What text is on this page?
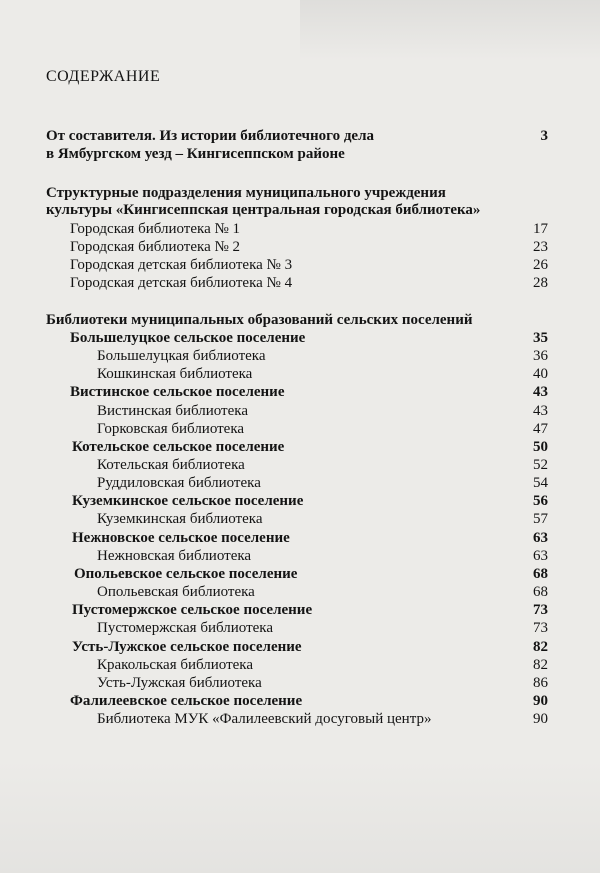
СОДЕРЖАНИЕ
От составителя. Из истории библиотечного дела	3
в Ямбургском уезд – Кингисеппском районе
Структурные подразделения муниципального учреждения
культуры «Кингисеппская центральная городская библиотека»
Городская библиотека № 1	17
Городская библиотека № 2	23
Городская детская библиотека № 3	26
Городская детская библиотека № 4	28
Библиотеки муниципальных образований сельских поселений
Большелуцкое сельское поселение	35
Большелуцкая библиотека	36
Кошкинская библиотека	40
Вистинское сельское поселение	43
Вистинская библиотека	43
Горковская библиотека	47
Котельское сельское поселение	50
Котельская библиотека	52
Руддиловская библиотека	54
Куземкинское сельское поселение	56
Куземкинская библиотека	57
Нежновское сельское поселение	63
Нежновская библиотека	63
Опольевское сельское поселение	68
Опольевская библиотека	68
Пустомержское сельское поселение	73
Пустомержская библиотека	73
Усть-Лужское сельское поселение	82
Кракольская библиотека	82
Усть-Лужская библиотека	86
Фалилеевское сельское поселение	90
Библиотека МУК «Фалилеевский досуговый центр»	90
